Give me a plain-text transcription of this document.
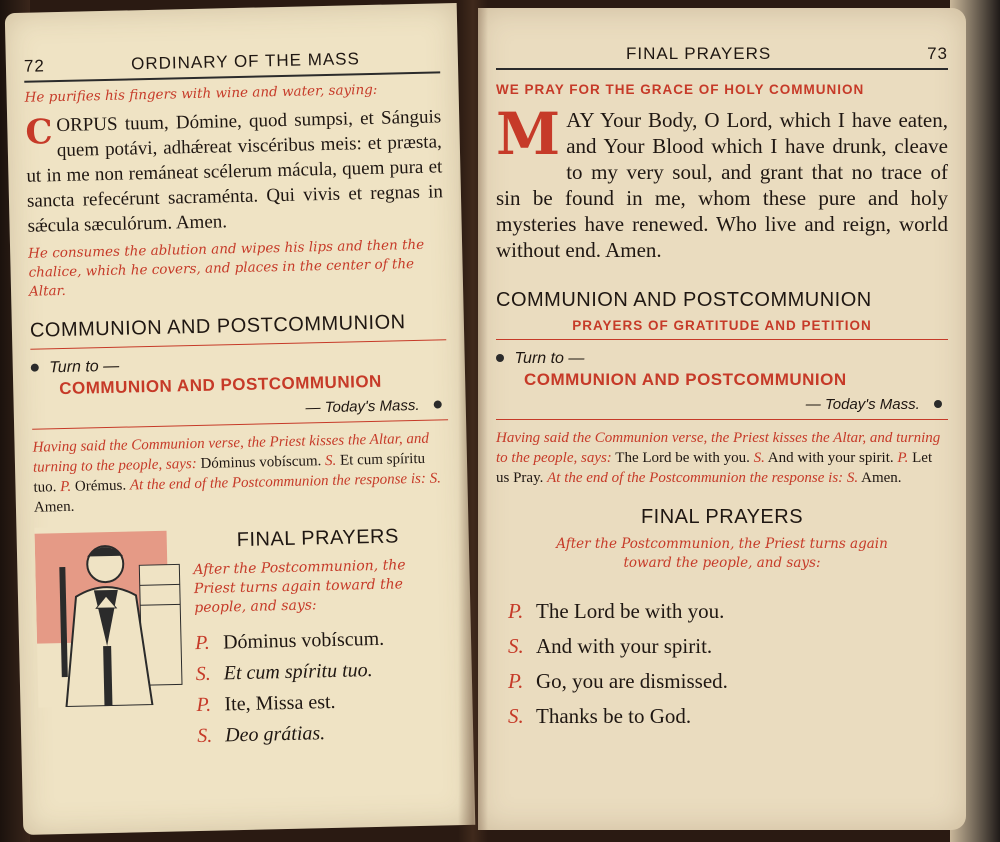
72	ORDINARY OF THE MASS
He purifies his fingers with wine and water, saying:
C ORPUS tuum, Dómine, quod sumpsi, et Sánguis quem potávi, adhǽreat viscéribus meis: et præsta, ut in me non remáneat scélerum mácula, quem pura et sancta refecérunt sacraménta. Qui vivis et regnas in sǽcula sæculórum. Amen.
He consumes the ablution and wipes his lips and then the chalice, which he covers, and places in the center of the Altar.
COMMUNION AND POSTCOMMUNION
Turn to —
COMMUNION AND POSTCOMMUNION
— Today's Mass.
Having said the Communion verse, the Priest kisses the Altar, and turning to the people, says: Dóminus vobíscum. S. Et cum spíritu tuo. P. Orémus. At the end of the Postcommunion the response is: S. Amen.
FINAL PRAYERS
After the Postcommunion, the Priest turns again toward the people, and says:
P. Dóminus vobíscum.
S. Et cum spíritu tuo.
P. Ite, Missa est.
S. Deo grátias.
FINAL PRAYERS	73
WE PRAY FOR THE GRACE OF HOLY COMMUNION
M AY Your Body, O Lord, which I have eaten, and Your Blood which I have drunk, cleave to my very soul, and grant that no trace of sin be found in me, whom these pure and holy mysteries have renewed. Who live and reign, world without end. Amen.
COMMUNION AND POSTCOMMUNION
PRAYERS OF GRATITUDE AND PETITION
Turn to —
COMMUNION AND POSTCOMMUNION
— Today's Mass.
Having said the Communion verse, the Priest kisses the Altar, and turning to the people, says: The Lord be with you. S. And with your spirit. P. Let us Pray. At the end of the Postcommunion the response is: S. Amen.
FINAL PRAYERS
After the Postcommunion, the Priest turns again toward the people, and says:
P. The Lord be with you.
S. And with your spirit.
P. Go, you are dismissed.
S. Thanks be to God.
